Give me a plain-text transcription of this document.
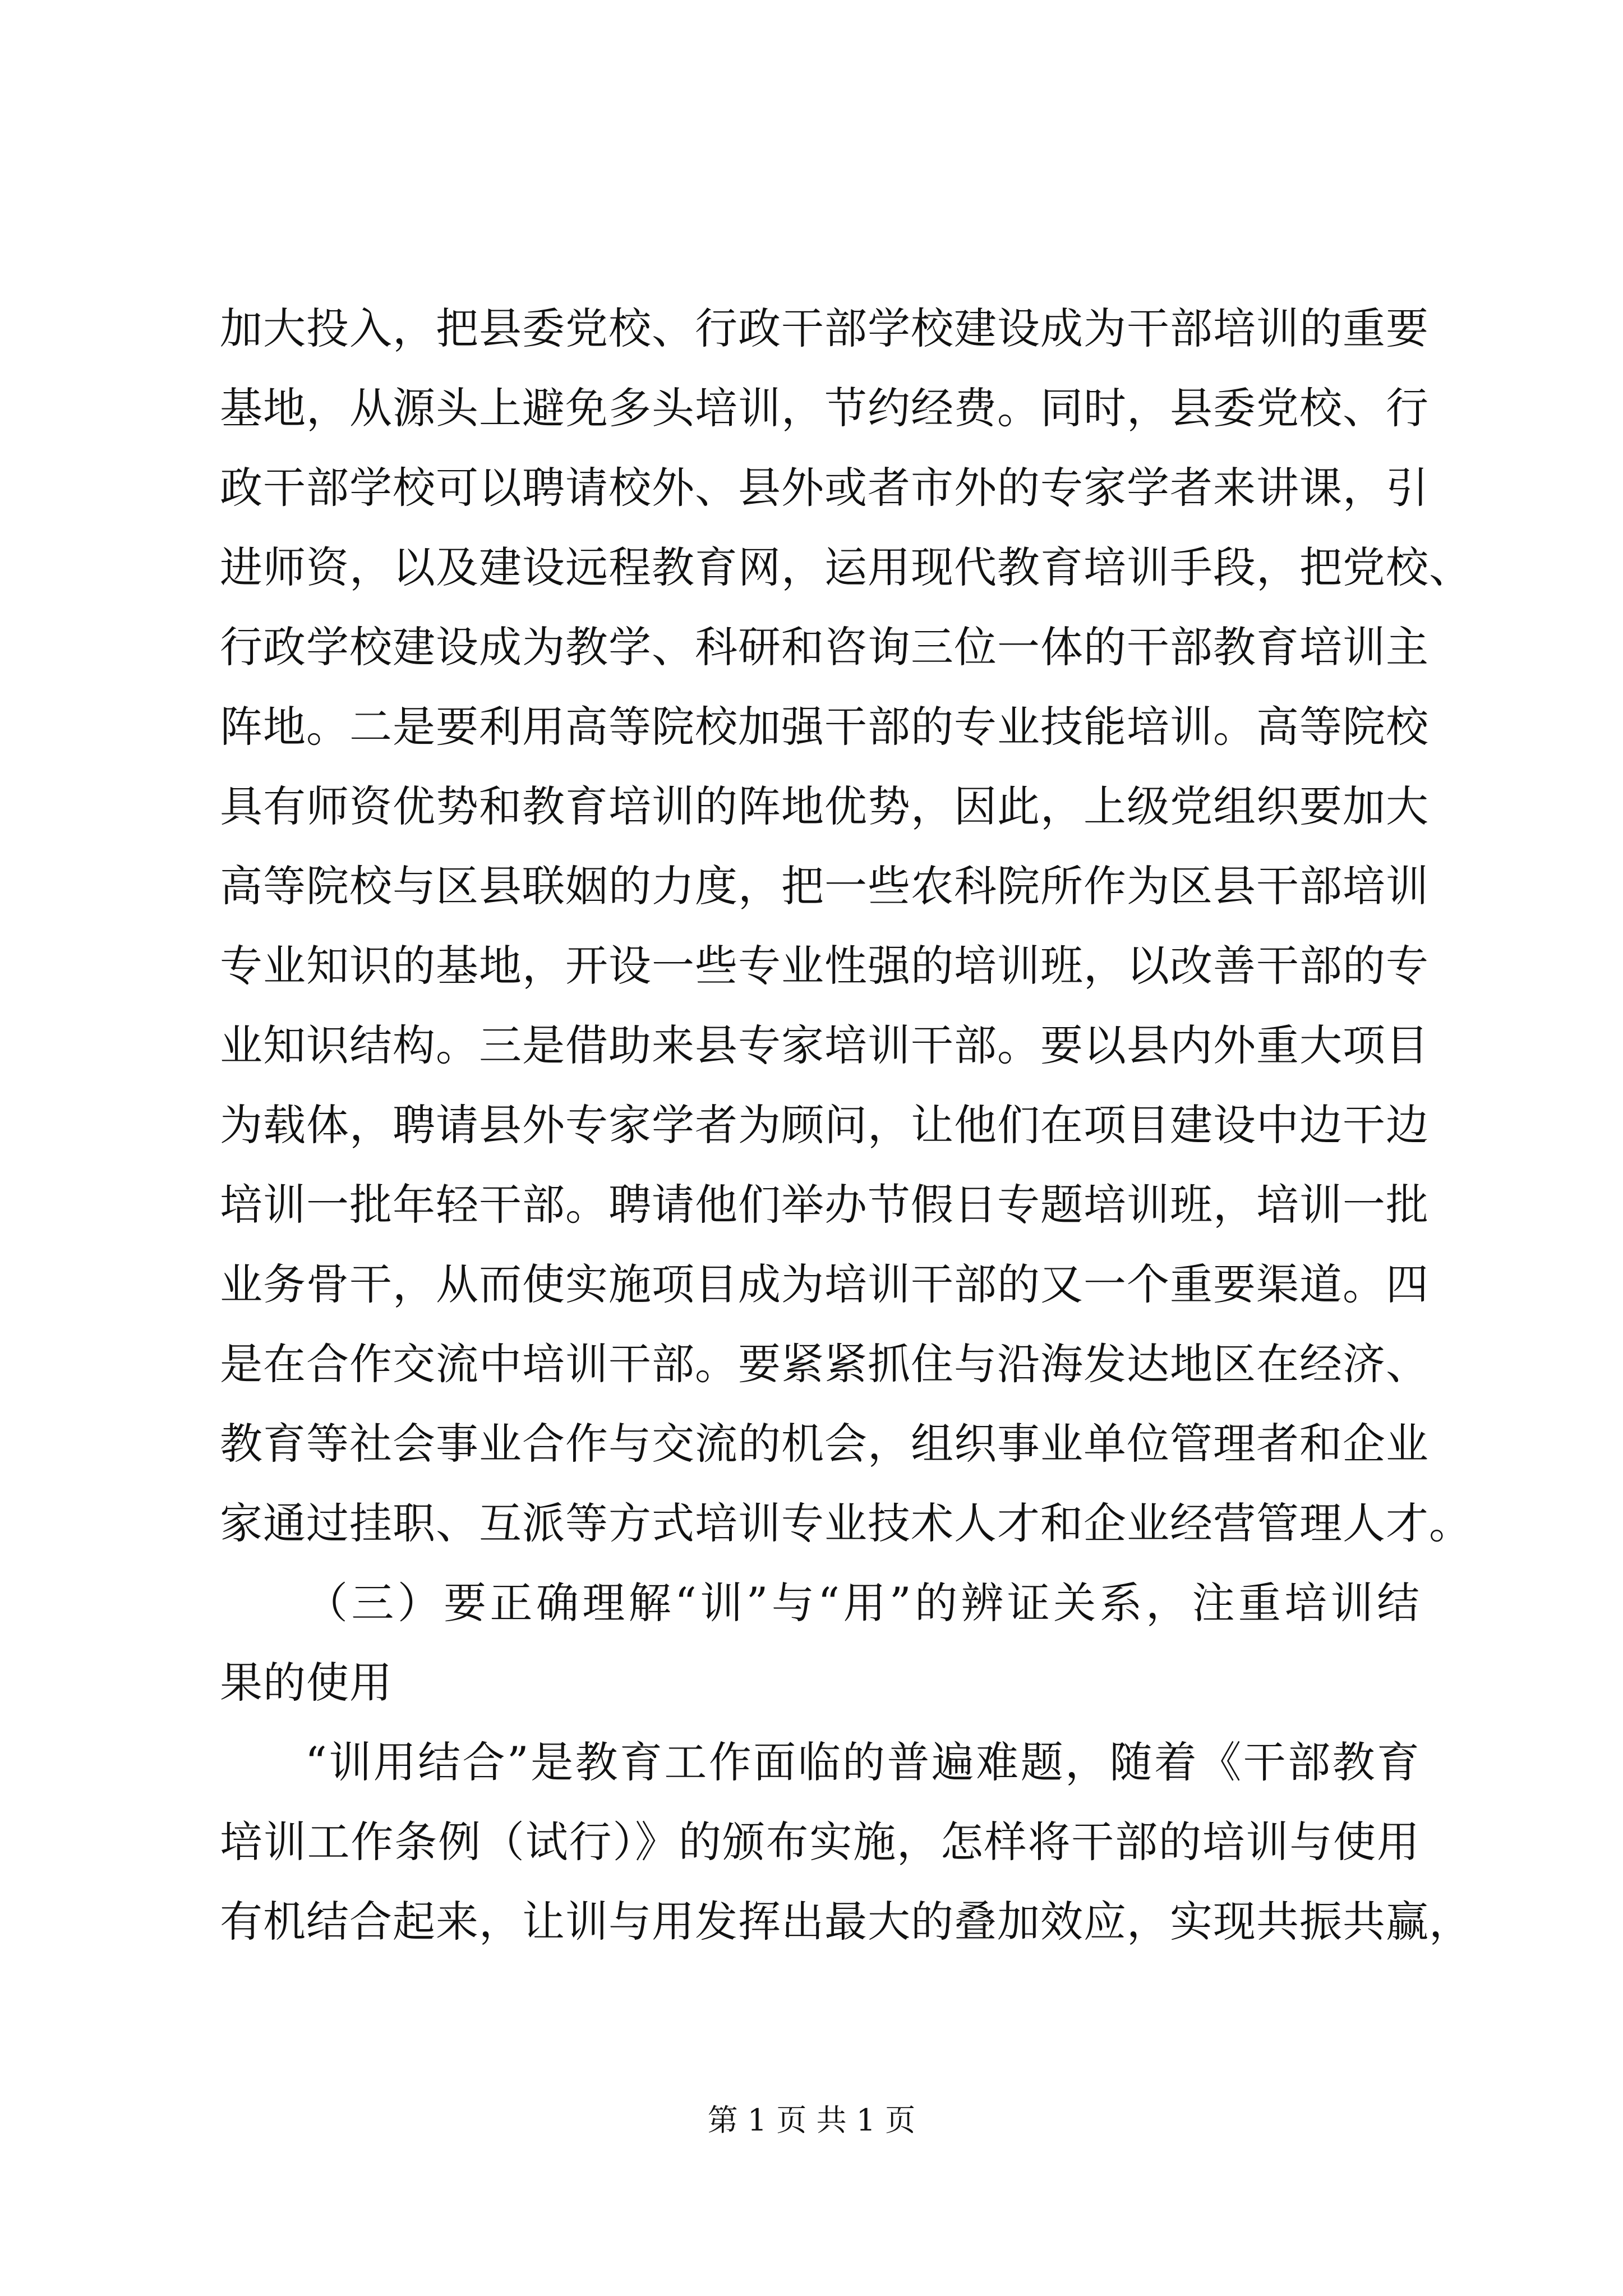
加大投入，把县委党校、行政干部学校建设成为干部培训的重要
基地，从源头上避免多头培训，节约经费。同时，县委党校、行
政干部学校可以聘请校外、县外或者市外的专家学者来讲课，引
进师资，以及建设远程教育网，运用现代教育培训手段，把党校、
行政学校建设成为教学、科研和咨询三位一体的干部教育培训主
阵地。二是要利用高等院校加强干部的专业技能培训。高等院校
具有师资优势和教育培训的阵地优势，因此，上级党组织要加大
高等院校与区县联姻的力度，把一些农科院所作为区县干部培训
专业知识的基地，开设一些专业性强的培训班，以改善干部的专
业知识结构。三是借助来县专家培训干部。要以县内外重大项目
为载体，聘请县外专家学者为顾问，让他们在项目建设中边干边
培训一批年轻干部。聘请他们举办节假日专题培训班，培训一批
业务骨干，从而使实施项目成为培训干部的又一个重要渠道。四
是在合作交流中培训干部。要紧紧抓住与沿海发达地区在经济、
教育等社会事业合作与交流的机会，组织事业单位管理者和企业
家通过挂职、互派等方式培训专业技术人才和企业经营管理人才。
（三）要正确理解“训”与“用”的辨证关系，注重培训结
果的使用
“训用结合”是教育工作面临的普遍难题，随着《干部教育
培训工作条例（试行）》的颁布实施，怎样将干部的培训与使用
有机结合起来，让训与用发挥出最大的叠加效应，实现共振共赢，
第 1 页 共 1 页
